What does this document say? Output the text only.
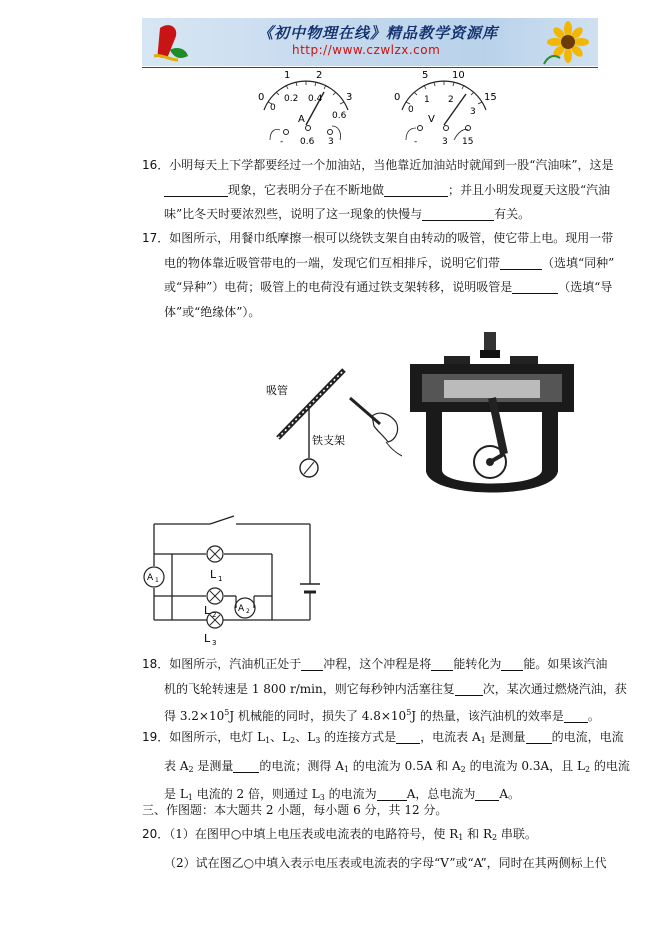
《初中物理在线》精品教学资源库
http://www.czwlzx.com
0
1	2
3
0
0.2 0.4
0.6
A
- 0.6 3
0
5 10
15
0
1 2
3
V
-	3 15
16．小明每天上下学都要经过一个加油站，当他靠近加油站时就闻到一股“汽油味”，这是
现象，它表明分子在不断地做	；并且小明发现夏天这股“汽油
味”比冬天时要浓烈些，说明了这一现象的快慢与	有关。
17．如图所示，用餐巾纸摩擦一根可以绕铁支架自由转动的吸管，使它带上电。现用一带
电的物体靠近吸管带电的一端，发现它们互相排斥，说明它们带	（选填“同种”
或“异种”）电荷；吸管上的电荷没有通过铁支架转移，说明吸管是	（选填“导
体”或“绝缘体”）。
吸管
铁支架
A 1
A 2
L 1
L 2
L 3
18．如图所示，汽油机正处于 冲程，这个冲程是将 能转化为 能。如果该汽油
机的飞轮转速是 1 800 r/min，则它每秒钟内活塞往复 次，某次通过燃烧汽油，获
得 $3.2\times 10^5J$ 机械能的同时，损失了 $4.8\times 10^5J$ 的热量，该汽油机的效率是 。
19．如图所示，电灯 $L_1$、$L_2$、$L_3$ 的连接方式是 ，电流表 $A_1$ 是测量 的电流，电流
表 $A_2$ 是测量 的电流；测得 $A_1$ 的电流为 0.5A 和 $A_2$ 的电流为 0.3A，且 $L_2$ 的电流
是 $L_1$ 电流的 2 倍，则通过 $L_3$ 的电流为	A，总电流为 A。
三、作图题：本大题共 2 小题，每小题 6 分，共 12 分。
20．（1）在图甲○中填上电压表或电流表的电路符号，使 $R_1$ 和 $R_2$ 串联。
（2）试在图乙○中填入表示电压表或电流表的字母“V”或“A”，同时在其两侧标上代
